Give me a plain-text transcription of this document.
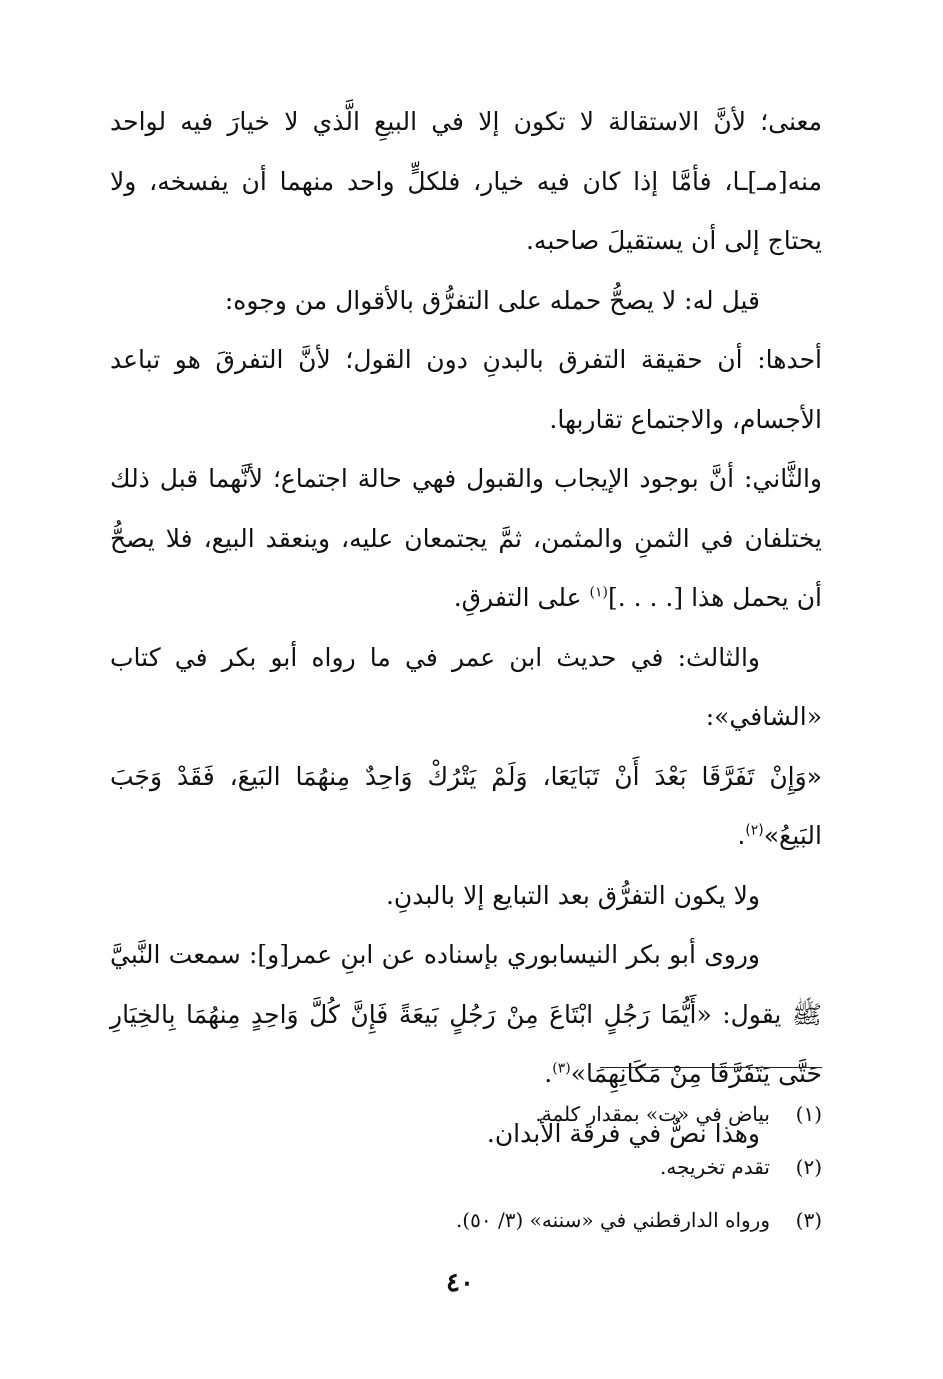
معنى؛ لأنَّ الاستقالة لا تكون إلا في البيعِ الَّذي لا خيارَ فيه لواحد منه[مـ]ـا، فأمَّا إذا كان فيه خيار، فلكلٍّ واحد منهما أن يفسخه، ولا يحتاج إلى أن يستقيلَ صاحبه.

قيل له: لا يصحُّ حمله على التفرُّق بالأقوال من وجوه:

أحدها: أن حقيقة التفرق بالبدنِ دون القول؛ لأنَّ التفرقَ هو تباعد الأجسام، والاجتماع تقاربها.

والثَّاني: أنَّ بوجود الإيجاب والقبول فهي حالة اجتماع؛ لأنَّهما قبل ذلك يختلفان في الثمنِ والمثمن، ثمَّ يجتمعان عليه، وينعقد البيع، فلا يصحُّ أن يحمل هذا [. . . .]$^{(١)}$ على التفرقِ.

والثالث: في حديث ابن عمر في ما رواه أبو بكر في كتاب «الشافي»:

«وَإِنْ تَفَرَّقَا بَعْدَ أَنْ تَبَايَعَا، وَلَمْ يَتْرُكْ وَاحِدٌ مِنهُمَا البَيعَ، فَقَدْ وَجَبَ البَيعُ»$^{(٢)}$.

ولا يكون التفرُّق بعد التبايع إلا بالبدنِ.

وروى أبو بكر النيسابوري بإسناده عن ابنِ عمر[و]: سمعت النَّبيَّ ﷺ يقول: «أَيُّمَا رَجُلٍ ابْتَاعَ مِنْ رَجُلٍ بَيعَةً فَإِنَّ كُلَّ وَاحِدٍ مِنهُمَا بِالخِيَارِ حَتَّى يَتَفَرَّقَا مِنْ مَكَانِهِمَا»$^{(٣)}$.

وهذا نصٌّ في فرقة الأبدان.

(١)بياض في «ت» بمقدار كلمة.
(٢)تقدم تخريجه.
(٣)ورواه الدارقطني في «سننه» (٣/ ٥٠).
٤٠
